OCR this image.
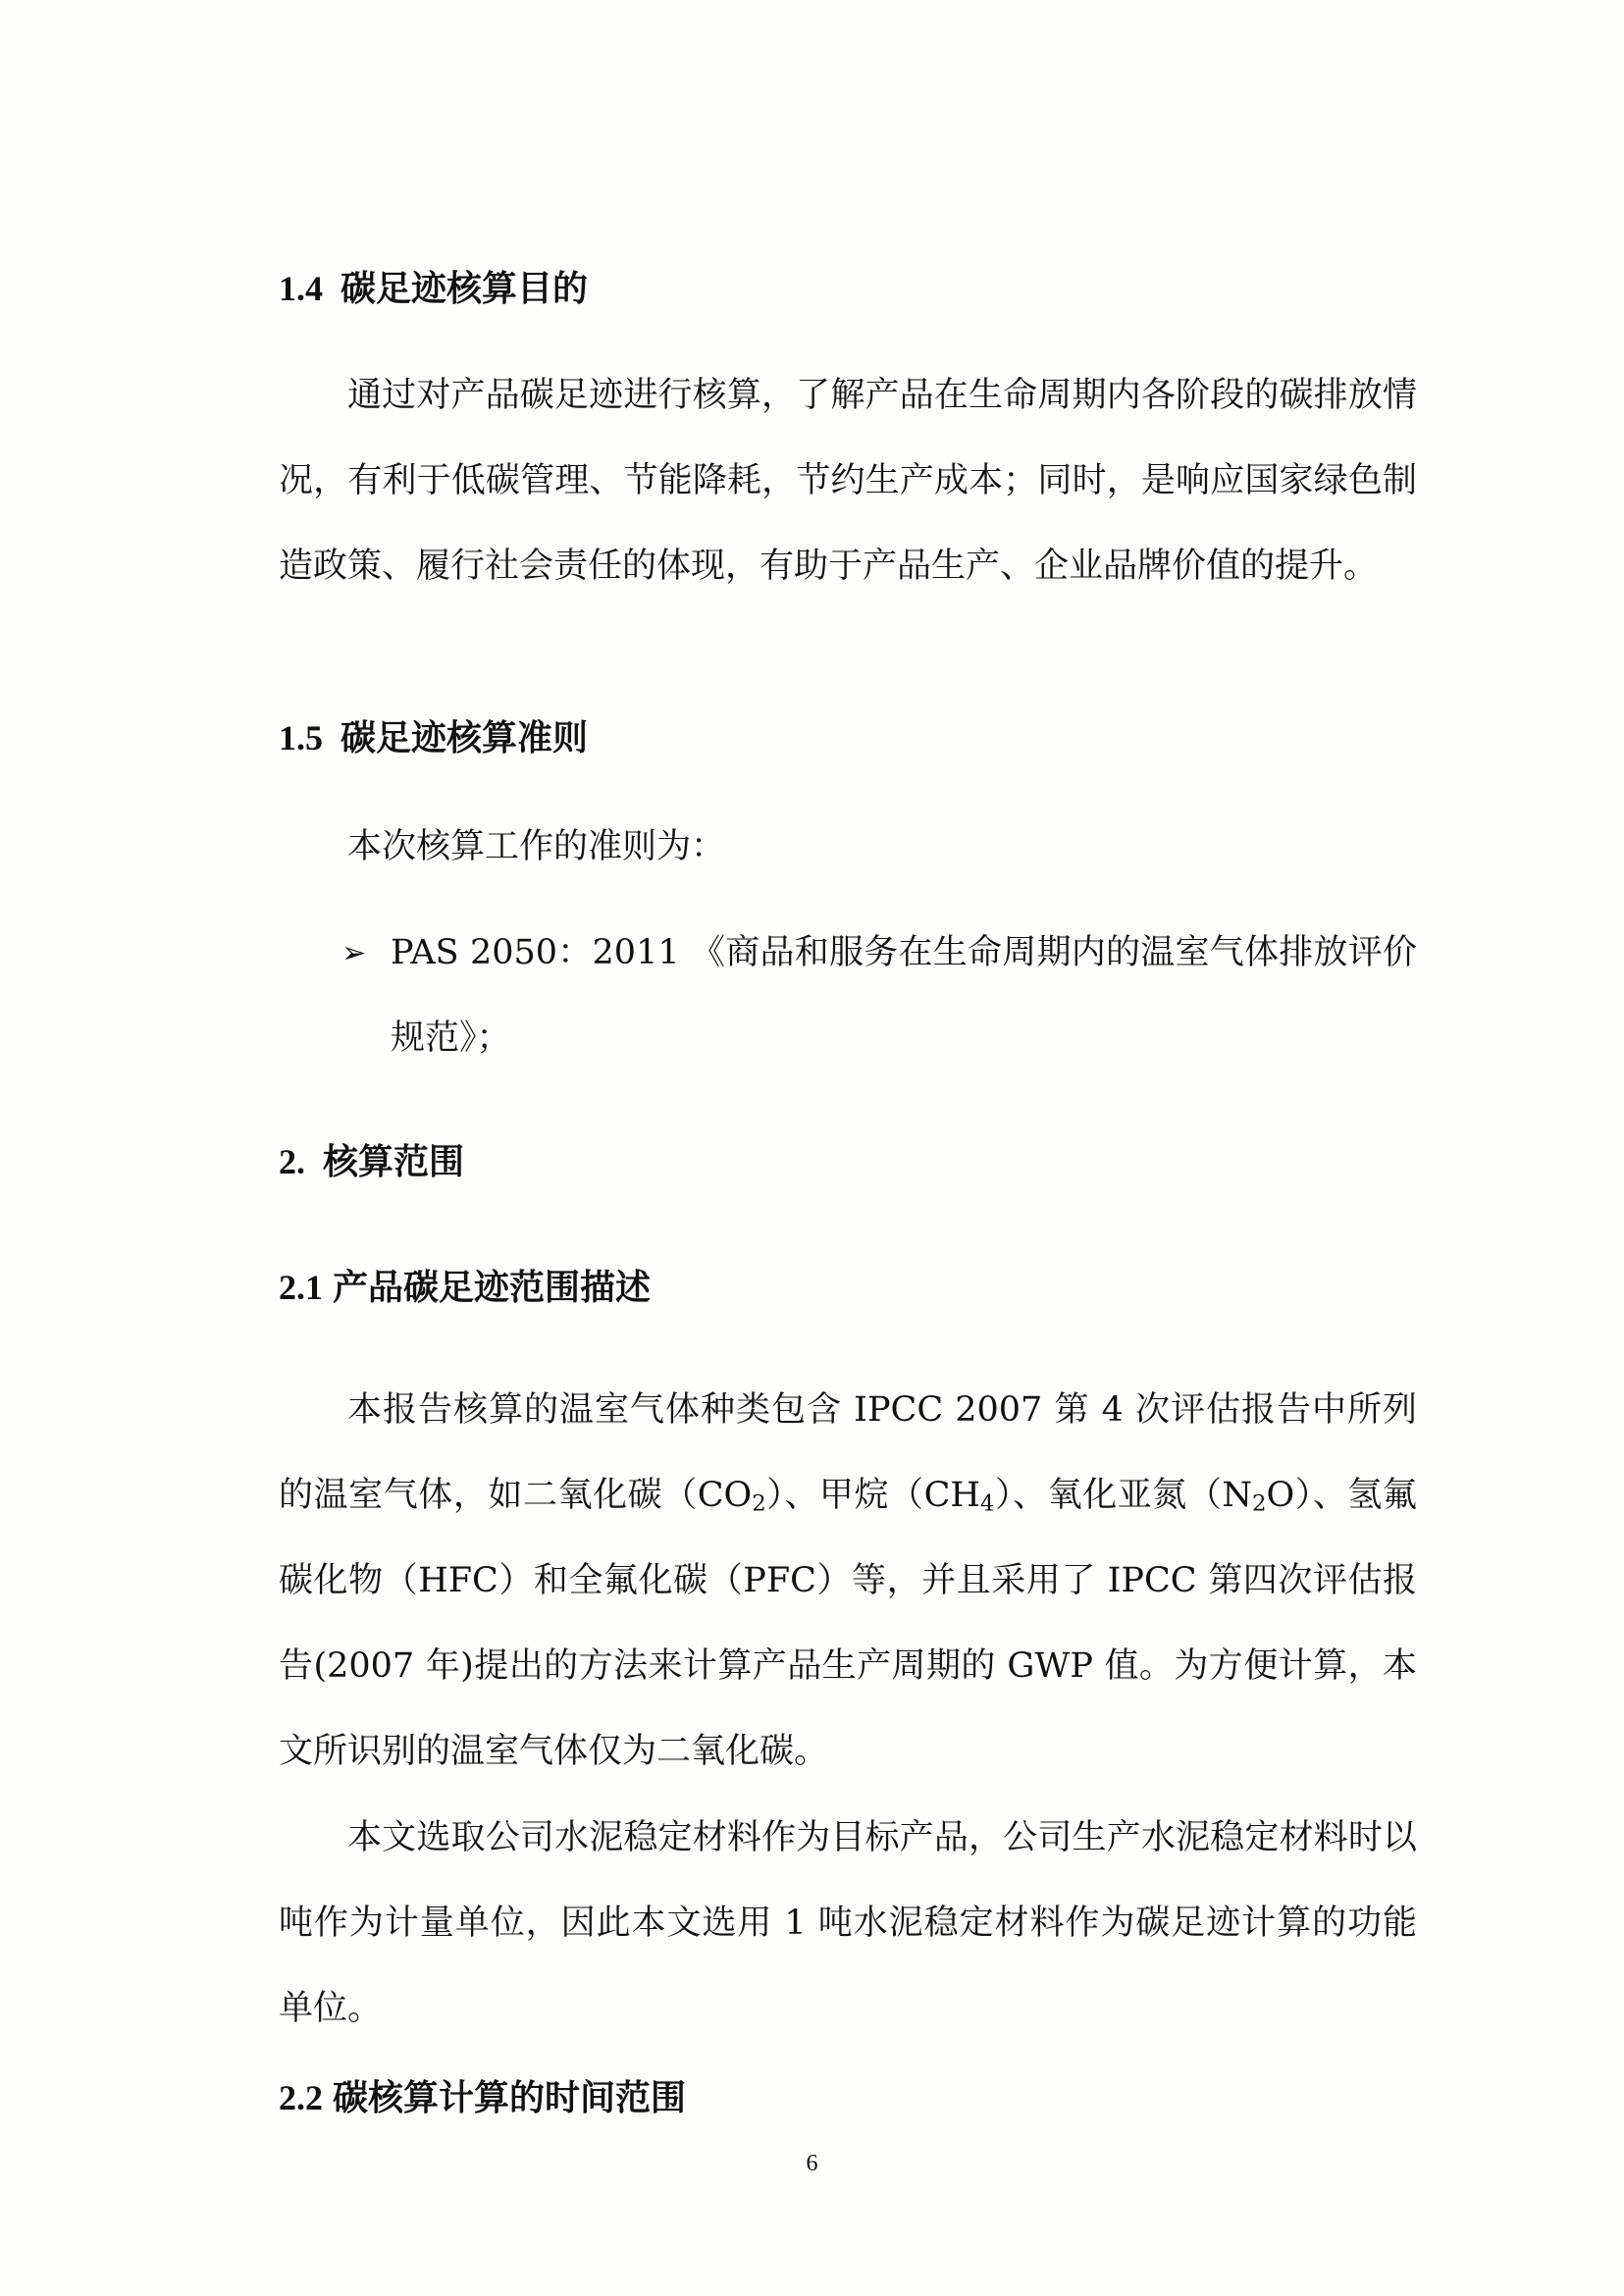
1.4 碳足迹核算目的

通过对产品碳足迹进行核算，了解产品在生命周期内各阶段的碳排放情况，有利于低碳管理、节能降耗，节约生产成本；同时，是响应国家绿色制造政策、履行社会责任的体现，有助于产品生产、企业品牌价值的提升。

1.5 碳足迹核算准则

本次核算工作的准则为：

➢ PAS 2050：2011 《商品和服务在生命周期内的温室气体排放评价规范》；
2. 核算范围
2.1 产品碳足迹范围描述

本报告核算的温室气体种类包含 IPCC 2007 第 4 次评估报告中所列的温室气体，如二氧化碳$(CO_2)$、甲烷$(CH_4)$、氧化亚氮$(N_2O)$、氢氟碳化物（HFC）和全氟化碳（PFC）等，并且采用了 IPCC 第四次评估报告(2007 年)提出的方法来计算产品生产周期的 GWP 值。为方便计算，本文所识别的温室气体仅为二氧化碳。

本文选取公司水泥稳定材料作为目标产品，公司生产水泥稳定材料时以吨作为计量单位，因此本文选用 1 吨水泥稳定材料作为碳足迹计算的功能单位。

2.2 碳核算计算的时间范围
6
